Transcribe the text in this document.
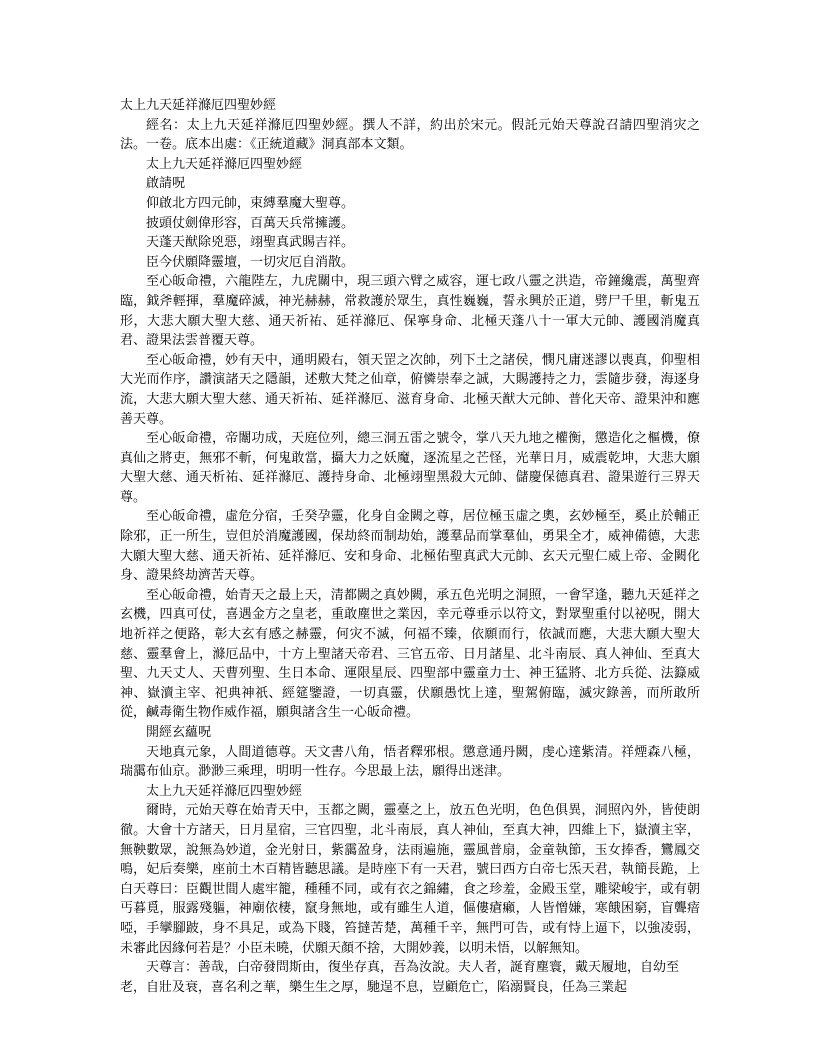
太上九天延祥滌厄四聖妙經

經名：太上九天延祥滌厄四聖妙經。撰人不詳，約出於宋元。假託元始天尊說召請四聖消灾之法。一卷。底本出處：《正統道藏》洞真部本文類。

太上九天延祥滌厄四聖妙經

啟請呪

仰啟北方四元帥，束縛羣魔大聖尊。

披頭仗劍偉形容，百萬天兵常擁護。

天蓬天猷除兇惡，翊聖真武賜吉祥。

臣今伏願降靈壇，一切灾厄自消散。

至心皈命禮，六龍陛左，九虎關中，現三頭六臂之威容，運七政八靈之洪造，帝鐘纔震，萬聖齊臨，鉞斧輕揮，羣魔碎滅，神光赫赫，常救護於眾生，真性巍巍，誓永興於正道，劈尸千里，斬鬼五形，大悲大願大聖大慈、通天祈祐、延祥滌厄、保寧身命、北極天蓬八十一軍大元帥、護國消魔真君、證果法雲普覆天尊。

至心皈命禮，妙有天中，通明殿右，領天罡之次帥，列下土之諸侯，憫凡庸迷謬以喪真，仰聖相大光而作序，讚演諸天之隱韻，述敷大梵之仙章，俯憐崇奉之誠，大賜護持之力，雲隨步發，海逐身流，大悲大願大聖大慈、通天祈祐、延祥滌厄、滋育身命、北極天猷大元帥、普化天帝、證果沖和應善天尊。

至心皈命禮，帝闈功成，天庭位列，總三洞五雷之號令，掌八天九地之權衡，懲造化之樞機，僚真仙之將吏，無邪不斬，何鬼敢當，攝大力之妖魔，逐流星之芒怪，光華日月，威震乾坤，大悲大願大聖大慈、通天析祐、延祥滌厄、護持身命、北極翊聖黑殺大元帥、儲慶保德真君、證果遊行三界天尊。

至心皈命禮，虛危分宿，壬癸孕靈，化身自金闕之尊，居位極玉虛之奧，玄妙極至，奚止於輔正除邪，正一所生，豈但於消魔護國，保劫終而制劫始，護羣品而掌羣仙，勇果全才，威神備德，大悲大願大聖大慈、通天祈祐、延祥滌厄、安和身命、北極佑聖真武大元帥、玄天元聖仁威上帝、金闕化身、證果終劫濟苦天尊。

至心皈命禮，始青天之最上天，清都闕之真妙闕，承五色光明之洞照，一會罕逢，聽九天延祥之玄機，四真可仗，喜遇金方之皇老，重敢塵世之業因，幸元尊垂示以符文，對眾聖重付以祕呪，開大地祈祥之便路，彰大玄有感之赫靈，何灾不滅，何福不臻，依願而行，依誠而應，大悲大願大聖大慈、靈羣會上，滌厄品中，十方上聖諸天帝君、三官五帝、日月諸星、北斗南辰、真人神仙、至真大聖、九天丈人、天曹列聖、生日本命、運限星辰、四聖部中靈童力士、神王猛將、北方兵從、法籙威神、嶽瀆主宰、祀典神祇、經筵鑒證，一切真靈，伏願愚忱上達，聖駕俯臨，滅灾錄善，而所敢所從，鹹毒衛生物作威作福，願與諸含生一心皈命禮。

開經玄蘊呪

天地真元象，人間道德尊。天文書八角，悟者釋邪根。懲意通丹闕，虔心達紫清。祥煙森八極，瑞靄布仙京。渺渺三乘理，明明一性存。今思最上法，願得出迷津。

太上九天延祥滌厄四聖妙經

爾時，元始天尊在始青天中，玉都之闕，靈臺之上，放五色光明，色色俱異，洞照內外，皆使朗徹。大會十方諸天，日月星宿，三官四聖，北斗南辰，真人神仙，至真大神，四維上下，嶽瀆主宰，無鞅數眾，說無為妙道，金光射日，紫靄盈身，法雨遍施，靈風普扇，金童執節，玉女捧香，鸞鳳交鳴，妃后奏樂，座前土木百精皆聽思議。是時座下有一天君，號曰西方白帝七炁天君，執簡長跪，上白天尊曰：臣觀世間人處牢籠，種種不同，或有衣之錦繡，食之珍羞，金殿玉堂，雕梁峻宇，或有朝丐暮覓，服露殘軀，神廟依棲，竄身無地，或有雖生人道，傴僂瘡癩，人皆憎嫌，寒餓困窮，盲聾瘖啞，手攣腳跛，身不具足，或為下賤，笞撻苦楚，萬種千辛，無門可告，或有恃上逼下，以強凌弱，未審此因緣何若是？小臣未曉，伏願天顏不捨，大開妙義，以明未悟，以解無知。

天尊言：善哉，白帝發問斯由，復坐存真，吾為汝說。夫人者，誕育塵寰，戴天履地，自幼至老，自壯及衰，喜名利之華，樂生生之厚，馳逞不息，豈顧危亡，陷溺賢良，任為三業起
